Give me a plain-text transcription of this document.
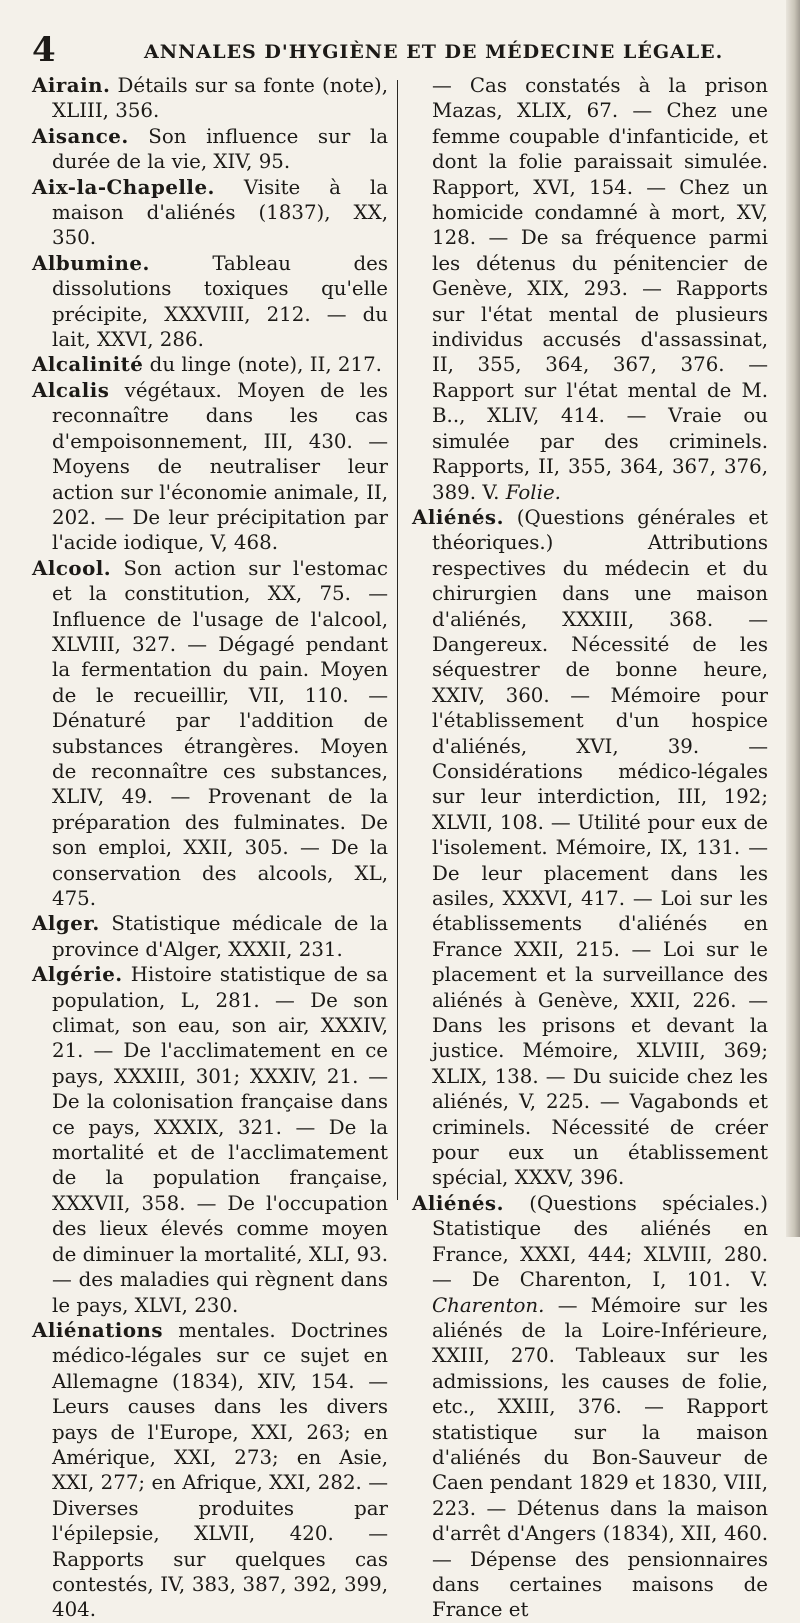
4	ANNALES D'HYGIÈNE ET DE MÉDECINE LÉGALE.

Airain. Détails sur sa fonte (note), XLIII, 356.

Aisance. Son influence sur la durée de la vie, XIV, 95.

Aix-la-Chapelle. Visite à la maison d'aliénés (1837), XX, 350.

Albumine. Tableau des dissolutions toxiques qu'elle précipite, XXXVIII, 212. — du lait, XXVI, 286.

Alcalinité du linge (note), II, 217.

Alcalis végétaux. Moyen de les reconnaître dans les cas d'empoisonnement, III, 430. — Moyens de neutraliser leur action sur l'économie animale, II, 202. — De leur précipitation par l'acide iodique, V, 468.

Alcool. Son action sur l'estomac et la constitution, XX, 75. — Influence de l'usage de l'alcool, XLVIII, 327. — Dégagé pendant la fermentation du pain. Moyen de le recueillir, VII, 110. — Dénaturé par l'addition de substances étrangères. Moyen de reconnaître ces substances, XLIV, 49. — Provenant de la préparation des fulminates. De son emploi, XXII, 305. — De la conservation des alcools, XL, 475.

Alger. Statistique médicale de la province d'Alger, XXXII, 231.

Algérie. Histoire statistique de sa population, L, 281. — De son climat, son eau, son air, XXXIV, 21. — De l'acclimatement en ce pays, XXXIII, 301; XXXIV, 21. — De la colonisation française dans ce pays, XXXIX, 321. — De la mortalité et de l'acclimatement de la population française, XXXVII, 358. — De l'occupation des lieux élevés comme moyen de diminuer la mortalité, XLI, 93. — des maladies qui règnent dans le pays, XLVI, 230.

Aliénations mentales. Doctrines médico-légales sur ce sujet en Allemagne (1834), XIV, 154. — Leurs causes dans les divers pays de l'Europe, XXI, 263; en Amérique, XXI, 273; en Asie, XXI, 277; en Afrique, XXI, 282. — Diverses produites par l'épilepsie, XLVII, 420. — Rapports sur quelques cas contestés, IV, 383, 387, 392, 399, 404.

— Cas constatés à la prison Mazas, XLIX, 67. — Chez une femme coupable d'infanticide, et dont la folie paraissait simulée. Rapport, XVI, 154. — Chez un homicide condamné à mort, XV, 128. — De sa fréquence parmi les détenus du pénitencier de Genève, XIX, 293. — Rapports sur l'état mental de plusieurs individus accusés d'assassinat, II, 355, 364, 367, 376. — Rapport sur l'état mental de M. B.., XLIV, 414. — Vraie ou simulée par des criminels. Rapports, II, 355, 364, 367, 376, 389. V. Folie.

Aliénés. (Questions générales et théoriques.) Attributions respectives du médecin et du chirurgien dans une maison d'aliénés, XXXIII, 368. — Dangereux. Nécessité de les séquestrer de bonne heure, XXIV, 360. — Mémoire pour l'établissement d'un hospice d'aliénés, XVI, 39. — Considérations médico-légales sur leur interdiction, III, 192; XLVII, 108. — Utilité pour eux de l'isolement. Mémoire, IX, 131. — De leur placement dans les asiles, XXXVI, 417. — Loi sur les établissements d'aliénés en France XXII, 215. — Loi sur le placement et la surveillance des aliénés à Genève, XXII, 226. — Dans les prisons et devant la justice. Mémoire, XLVIII, 369; XLIX, 138. — Du suicide chez les aliénés, V, 225. — Vagabonds et criminels. Nécessité de créer pour eux un établissement spécial, XXXV, 396.

Aliénés. (Questions spéciales.) Statistique des aliénés en France, XXXI, 444; XLVIII, 280. — De Charenton, I, 101. V. Charenton. — Mémoire sur les aliénés de la Loire-Inférieure, XXIII, 270. Tableaux sur les admissions, les causes de folie, etc., XXIII, 376. — Rapport statistique sur la maison d'aliénés du Bon-Sauveur de Caen pendant 1829 et 1830, VIII, 223. — Détenus dans la maison d'arrêt d'Angers (1834), XII, 460. — Dépense des pensionnaires dans certaines maisons de France et
